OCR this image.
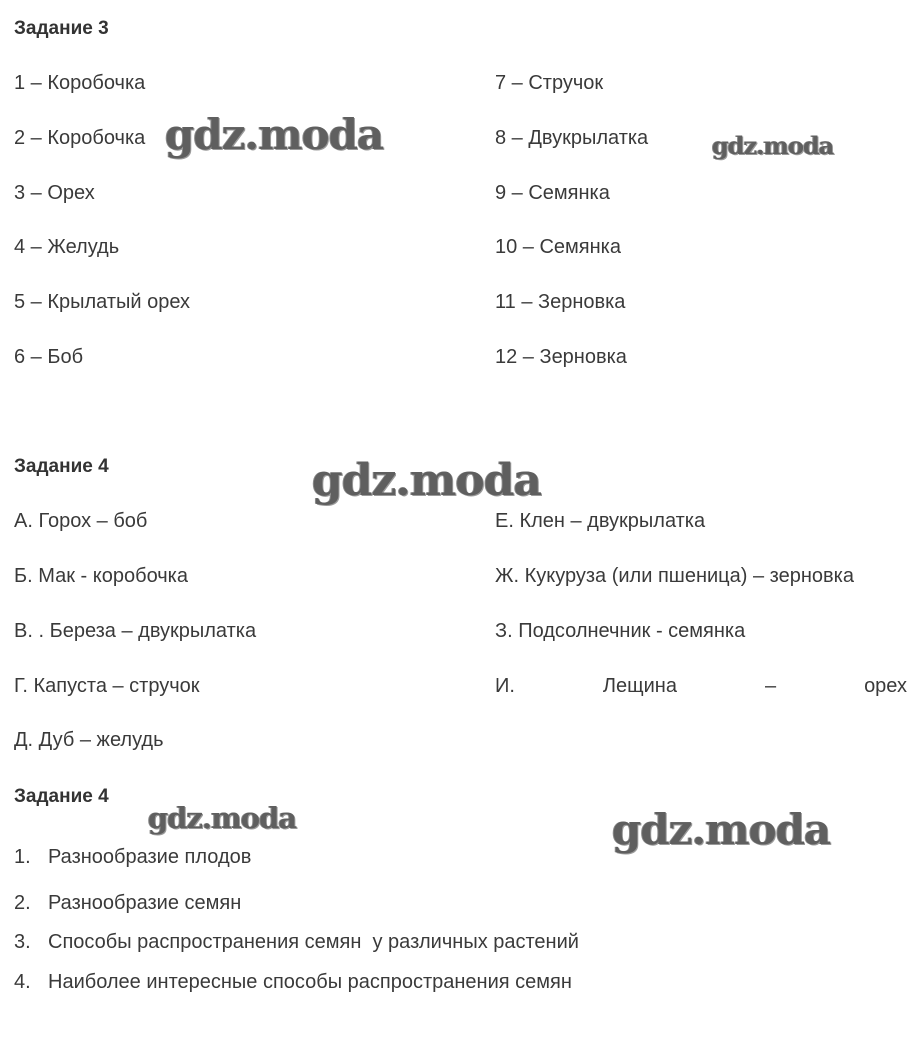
Задание 3
1 – Коробочка
2 – Коробочка
3 – Орех
4 – Желудь
5 – Крылатый орех
6 – Боб
7 – Стручок
8 – Двукрылатка
9 – Семянка
10 – Семянка
11 – Зерновка
12 – Зерновка
Задание 4
А. Горох – боб
Б. Мак - коробочка
В. . Береза – двукрылатка
Г. Капуста – стручок
Д. Дуб – желудь
Е. Клен – двукрылатка
Ж. Кукуруза (или пшеница) – зерновка
З. Подсолнечник - семянка
И.	Лещина	–	орех
Задание 4
1. Разнообразие плодов
2. Разнообразие семян
3. Способы распространения семян  у различных растений
4. Наиболее интересные способы распространения семян
gdz.moda	gdz.moda
gdz.moda
gdz.moda	gdz.moda
